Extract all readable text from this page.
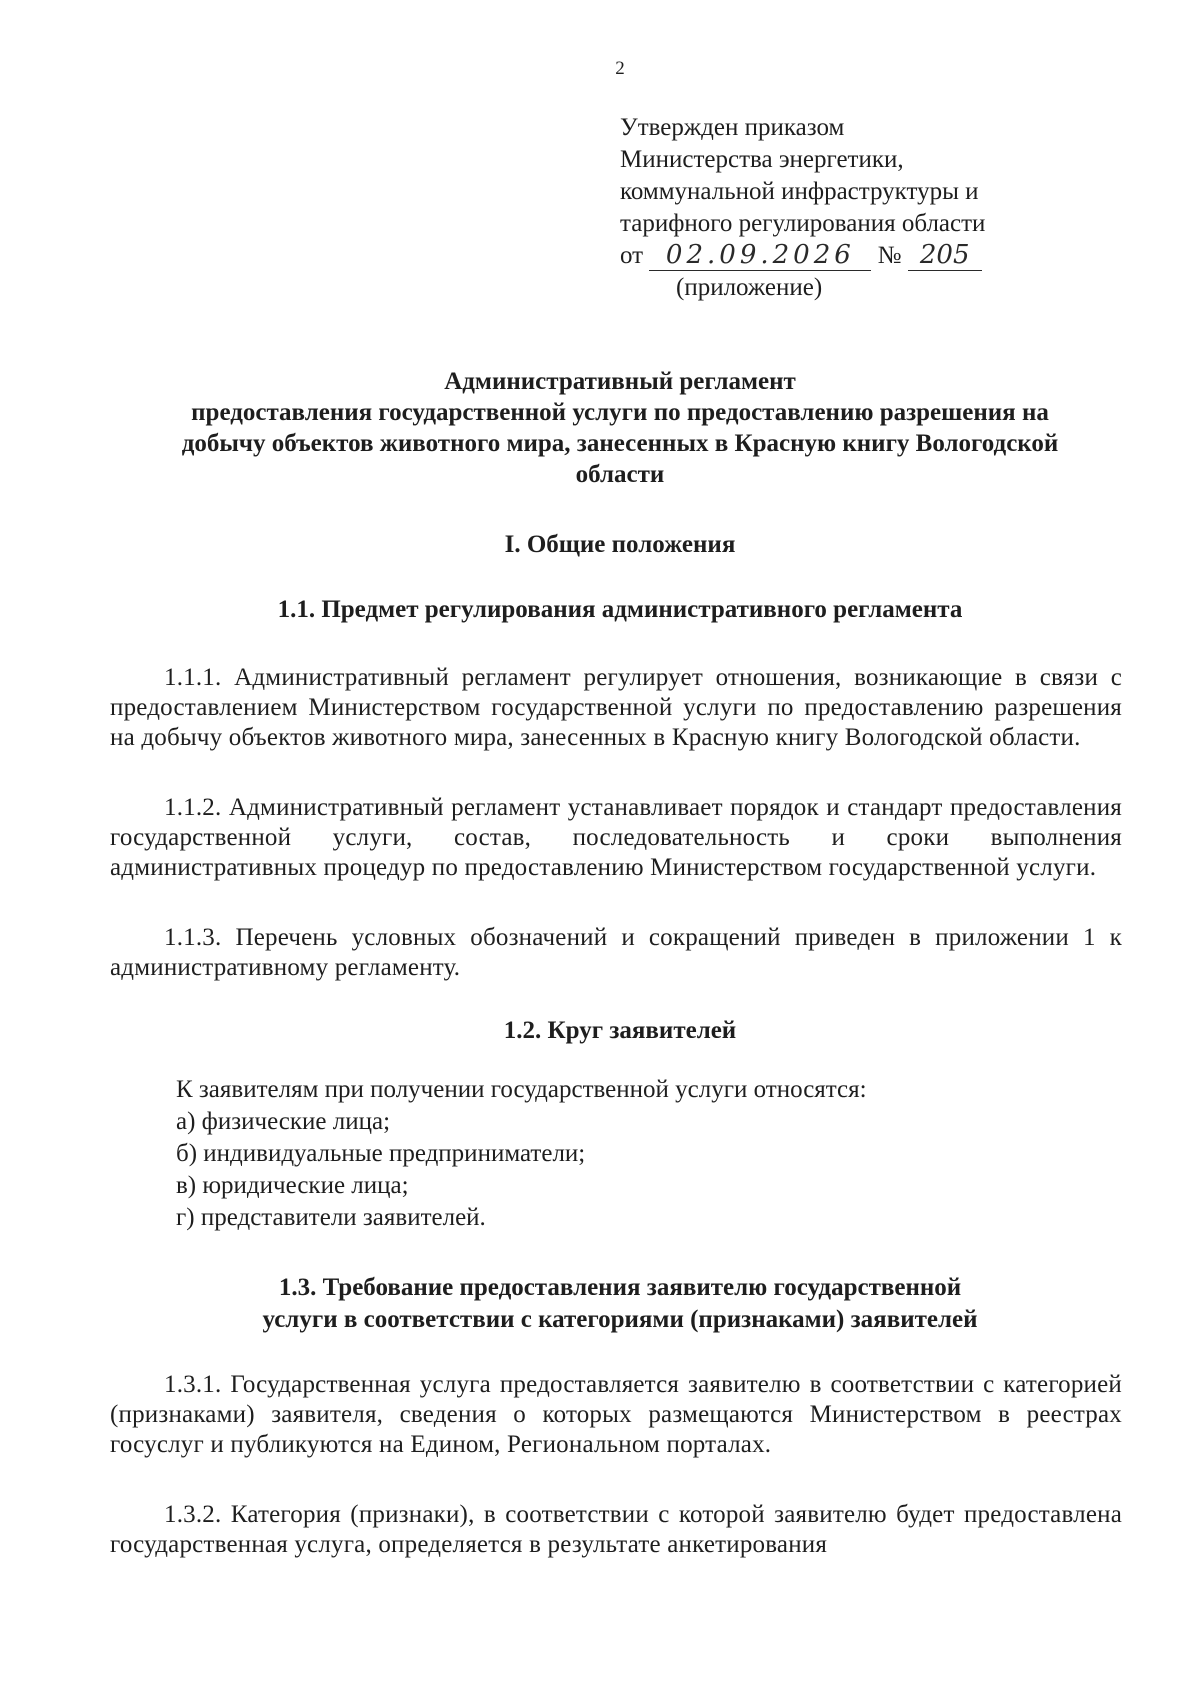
2
Утвержден приказом
Министерства энергетики,
коммунальной инфраструктуры и
тарифного регулирования области
от 02.09.2026 № 205
(приложение)
Административный регламент
предоставления государственной услуги по предоставлению разрешения на
добычу объектов животного мира, занесенных в Красную книгу Вологодской
области
I. Общие положения
1.1. Предмет регулирования административного регламента

1.1.1. Административный регламент регулирует отношения, возникающие в связи с предоставлением Министерством государственной услуги по предоставлению разрешения на добычу объектов животного мира, занесенных в Красную книгу Вологодской области.

1.1.2. Административный регламент устанавливает порядок и стандарт предоставления государственной услуги, состав, последовательность и сроки выполнения административных процедур по предоставлению Министерством государственной услуги.

1.1.3. Перечень условных обозначений и сокращений приведен в приложении 1 к административному регламенту.

1.2. Круг заявителей
К заявителям при получении государственной услуги относятся:
а) физические лица;
б) индивидуальные предприниматели;
в) юридические лица;
г) представители заявителей.
1.3. Требование предоставления заявителю государственной
услуги в соответствии с категориями (признаками) заявителей

1.3.1. Государственная услуга предоставляется заявителю в соответствии с категорией (признаками) заявителя, сведения о которых размещаются Министерством в реестрах госуслуг и публикуются на Едином, Региональном порталах.

1.3.2. Категория (признаки), в соответствии с которой заявителю будет предоставлена государственная услуга, определяется в результате анкетирования
